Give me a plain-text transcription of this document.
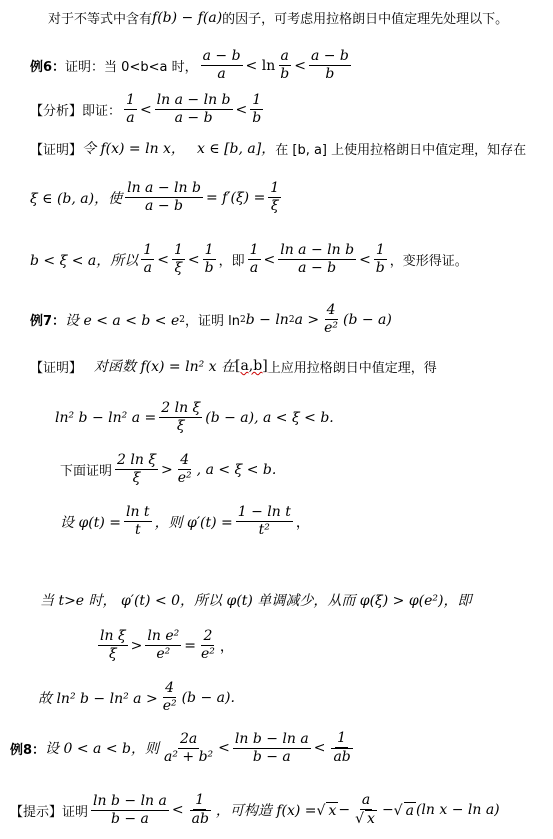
对于不等式中含有 f(b) − f(a) 的因子，可考虑用拉格朗日中值定理先处理以下。
例6： 证明：当 0<b<a 时， $\frac{a - b}{a} < \ln \frac{a}{b} < \frac{a - b}{b}$
【分析】即证： $\frac{1}{a} < \frac{\text{ln a − ln b}}{a - b} < \frac{1}{b}$
【证明】 令 f(x) = ln x， x ∈ [b, a]， 在 [b, a] 上使用拉格朗日中值定理，知存在
ξ ∈ (b, a)，使 $\frac{\text{ln a − ln b}}{a - b} = f'(\xi) = \frac{1}{\xi}$
b < ξ < a，所以 $\frac{1}{a} < \frac{1}{\xi} < \frac{1}{b}$ ，即 $\frac{1}{a} < \frac{\text{ln a − ln b}}{a - b} < \frac{1}{b}$ ，变形得证。
例7： 设 e < a < b < e 2 ，证明 ln 2 b − ln 2 $a > \frac{4}{\text{e²}} (b - a)$
【证明】 对函数 f(x) = ln² x 在 [a,b] 上应用拉格朗日中值定理，得
ln² b − ln² $a = \frac{\text{2 ln ξ}}{\xi} (b - a)$, a < ξ < b.
下面证明 $\frac{\text{2 ln ξ}}{\xi} > \frac{4}{\text{e²}}$ , a < ξ < b.
设 $\varphi(t) = \frac{\text{ln t}}{t}$ ，则 $\varphi'(t) = \frac{\text{1 − ln t}}{\text{t²}}$ ，
当 t>e 时， φ′(t) < 0，所以 φ(t) 单调减少，从而 φ(ξ) > φ(e²)，即
$\frac{\text{ln ξ}}{\xi} > \frac{\text{ln e²}}{\text{e²}} = \frac{2}{\text{e²}}$ ，
故 ln² b − ln² $a > \frac{4}{\text{e²}} (b - a)$.
例8： 设 0 < a < b，则 $\frac{2a}{\text{a² + b²}} < \frac{\text{ln b − ln a}}{b - a} < \frac{1}{ab}$
【提示】 证明 $\frac{\text{ln b − ln a}}{b - a} < \frac{1}{ab}$ ，可构造 f(x) = √ $x - \frac{a}{√ x}$ − √ a (ln x − ln a)
